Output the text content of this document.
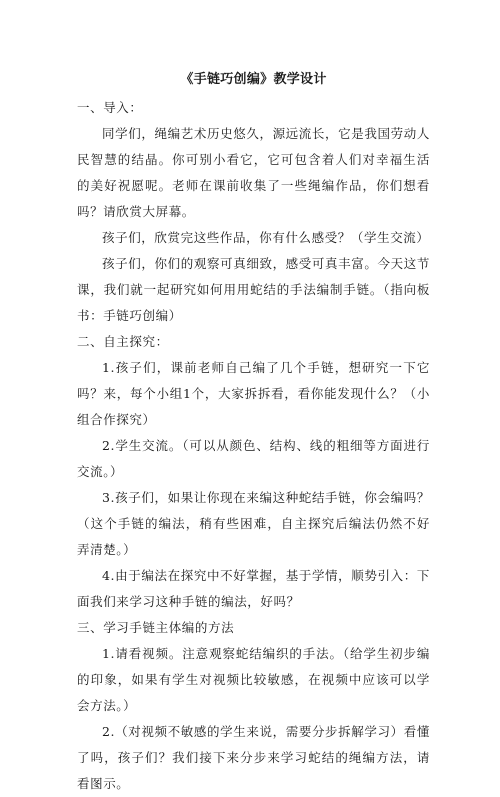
《手链巧创编》教学设计

一、导入：

同学们，绳编艺术历史悠久，源远流长，它是我国劳动人民智慧的结晶。你可别小看它，它可包含着人们对幸福生活的美好祝愿呢。老师在课前收集了一些绳编作品，你们想看吗？请欣赏大屏幕。

孩子们，欣赏完这些作品，你有什么感受？（学生交流）

孩子们，你们的观察可真细致，感受可真丰富。今天这节课，我们就一起研究如何用用蛇结的手法编制手链。（指向板书：手链巧创编）

二、自主探究：

1.孩子们，课前老师自己编了几个手链，想研究一下它吗？来，每个小组1个，大家拆拆看，看你能发现什么？（小组合作探究）

2.学生交流。（可以从颜色、结构、线的粗细等方面进行交流。）

3.孩子们，如果让你现在来编这种蛇结手链，你会编吗？（这个手链的编法，稍有些困难，自主探究后编法仍然不好弄清楚。）

4.由于编法在探究中不好掌握，基于学情，顺势引入：下面我们来学习这种手链的编法，好吗？

三、学习手链主体编的方法

1.请看视频。注意观察蛇结编织的手法。（给学生初步编的印象，如果有学生对视频比较敏感，在视频中应该可以学会方法。）

2.（对视频不敏感的学生来说，需要分步拆解学习）看懂了吗，孩子们？我们接下来分步来学习蛇结的绳编方法，请看图示。
